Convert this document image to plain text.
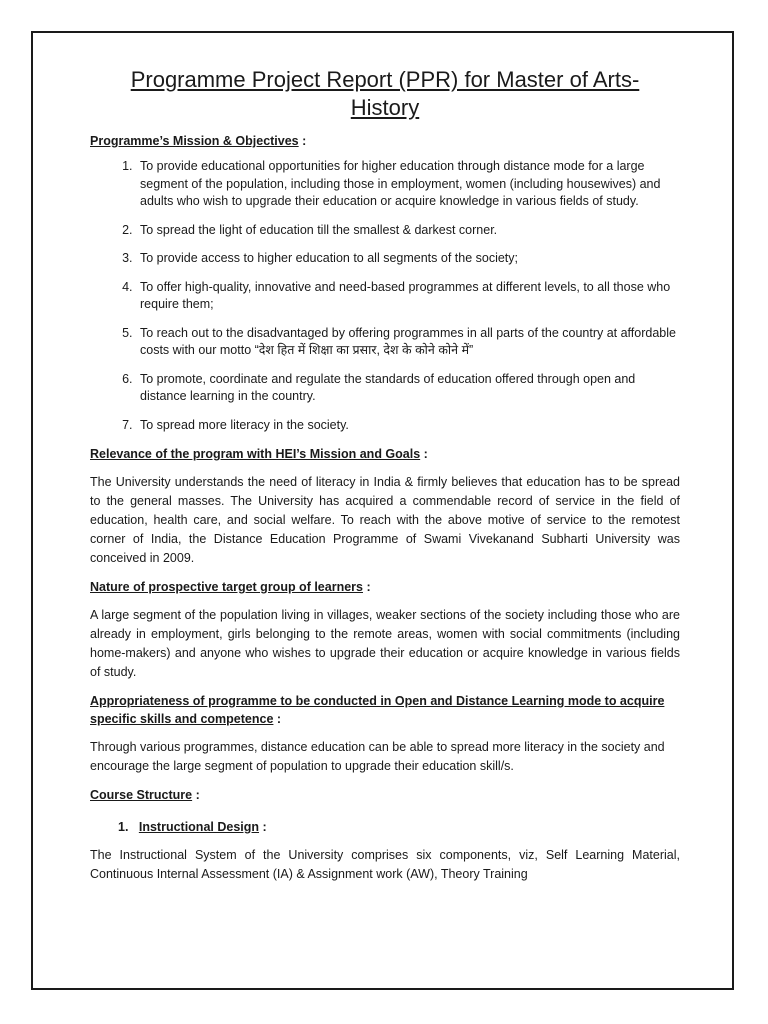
Programme Project Report (PPR) for Master of Arts-
History
Programme’s Mission & Objectives :
1. To provide educational opportunities for higher education through distance mode for a large segment of the population, including those in employment, women (including housewives) and adults who wish to upgrade their education or acquire knowledge in various fields of study.
2. To spread the light of education till the smallest & darkest corner.
3. To provide access to higher education to all segments of the society;
4. To offer high-quality, innovative and need-based programmes at different levels, to all those who require them;
5. To reach out to the disadvantaged by offering programmes in all parts of the country at affordable costs with our motto “देश हित में शिक्षा का प्रसार, देश के कोने कोने में”
6. To promote, coordinate and regulate the standards of education offered through open and distance learning in the country.
7. To spread more literacy in the society.
Relevance of the program with HEI’s Mission and Goals :

The University understands the need of literacy in India & firmly believes that education has to be spread to the general masses. The University has acquired a commendable record of service in the field of education, health care, and social welfare. To reach with the above motive of service to the remotest corner of India, the Distance Education Programme of Swami Vivekanand Subharti University was conceived in 2009.

Nature of prospective target group of learners :

A large segment of the population living in villages, weaker sections of the society including those who are already in employment, girls belonging to the remote areas, women with social commitments (including home-makers) and anyone who wishes to upgrade their education or acquire knowledge in various fields of study.

Appropriateness of programme to be conducted in Open and Distance Learning mode to acquire specific skills and competence :

Through various programmes, distance education can be able to spread more literacy in the society and encourage the large segment of population to upgrade their education skill/s.

Course Structure :
1. Instructional Design :

The Instructional System of the University comprises six components, viz, Self Learning Material, Continuous Internal Assessment (IA) & Assignment work (AW), Theory Training
